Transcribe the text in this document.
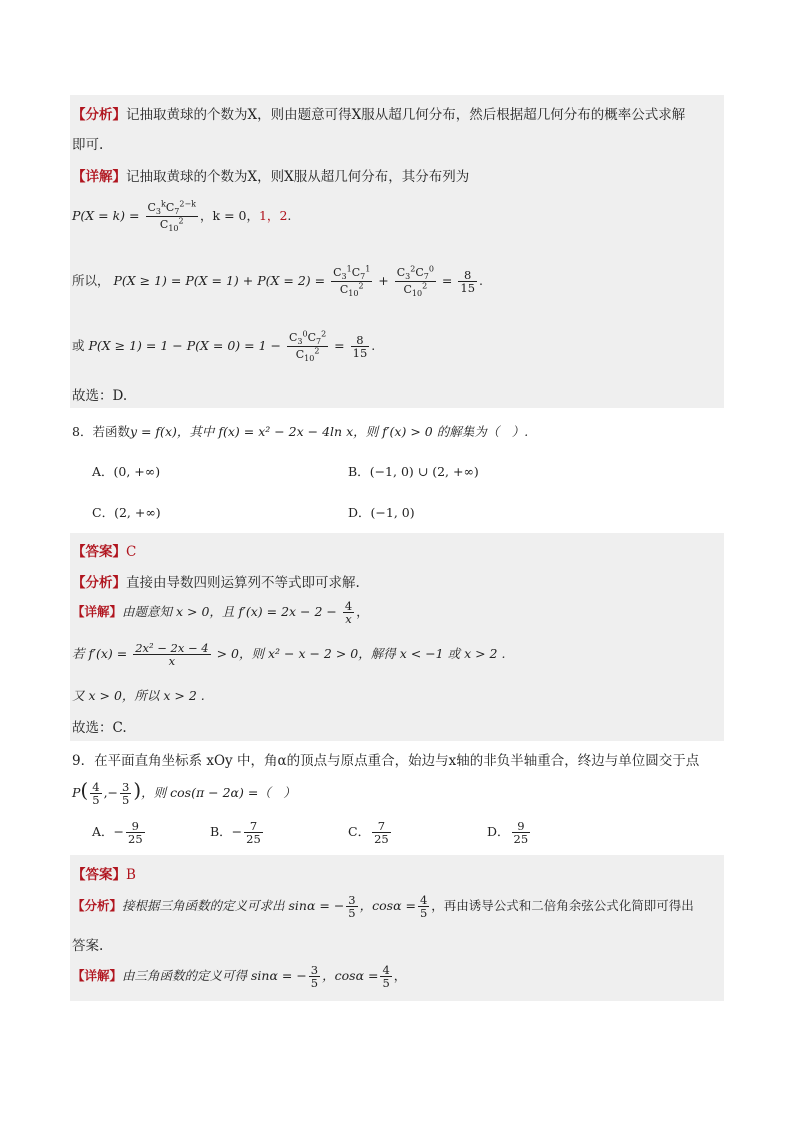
【分析】记抽取黄球的个数为X，则由题意可得X服从超几何分布，然后根据超几何分布的概率公式求解
即可.
【详解】记抽取黄球的个数为X，则X服从超几何分布，其分布列为
$P(X = k) = \frac{C_3^kC_7^{2-k}}{C_{10}^2}$ ，k = 0，1，2.
所以， $P(X \ge 1) = P(X = 1) + P(X = 2) = \frac{C_3^1C_7^1}{C_{10}^2} + \frac{C_3^2C_7^0}{C_{10}^2} = \frac{8}{15}$ .
或 $P(X \ge 1) = 1 - P(X = 0) = 1 - \frac{C_3^0C_7^2}{C_{10}^2} = \frac{8}{15}$ .
故选：D.
8．若函数y = f(x)，其中 f(x) = x² − 2x − 4ln x，则 f′(x) > 0 的解集为（　）.
A．(0, +∞)	B．(−1, 0) ∪ (2, +∞)
C．(2, +∞)	D．(−1, 0)
【答案】C
【分析】直接由导数四则运算列不等式即可求解.
【详解】由题意知 x > 0，且 $f'(x) = 2x - 2 - \frac{4}{x}$ ，
若 $f'(x) = \frac{\text{2x² − 2x − 4}}{x} > 0$，则 x² − x − 2 > 0，解得 x < −1 或 x > 2 .
又 x > 0，所以 x > 2 .
故选：C.
9．在平面直角坐标系 xOy 中，角α的顶点与原点重合，始边与x轴的非负半轴重合，终边与单位圆交于点
$P( \frac{4}{5}$ ,− $\frac{3}{5}$ )，则 cos(π − 2α) =（　）
A．− $\frac{9}{25}$	B．− $\frac{7}{25}$	C． $\frac{7}{25}$	D． $\frac{9}{25}$
【答案】B
【分析】接根据三角函数的定义可求出 sinα = − $\frac{3}{5}$ ，$\cos\alpha = \frac{4}{5}$ ，再由诱导公式和二倍角余弦公式化简即可得出
答案.
【详解】由三角函数的定义可得 sinα = − $\frac{3}{5}$ ，$\cos\alpha = \frac{4}{5}$ ，
